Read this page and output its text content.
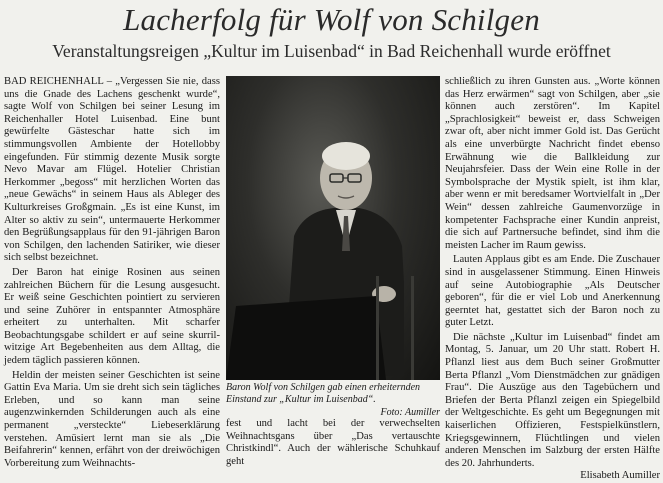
Lacherfolg für Wolf von Schilgen
Veranstaltungsreigen „Kultur im Luisenbad“ in Bad Reichenhall wurde eröffnet

BAD REICHENHALL – „Vergessen Sie nie, dass uns die Gnade des Lachens geschenkt wurde“, sagte Wolf von Schilgen bei seiner Lesung im Reichenhaller Hotel Luisenbad. Eine bunt gewürfelte Gästeschar hatte sich im stimmungsvollen Ambiente der Hotellobby eingefunden. Für stimmig dezente Musik sorgte Nevo Mavar am Flügel. Hotelier Christian Herkommer „begoss“ mit herzlichen Worten das „neue Gewächs“ in seinem Haus als Ableger des Kulturkreises Großgmain. „Es ist eine Kunst, im Alter so aktiv zu sein“, untermauerte Herkommer den Begrüßungsapplaus für den 91-jährigen Baron von Schilgen, den lachenden Satiriker, wie dieser sich selbst bezeichnet.

Der Baron hat einige Rosinen aus seinen zahlreichen Büchern für die Lesung ausgesucht. Er weiß seine Geschichten pointiert zu servieren und seine Zuhörer in entspannter Atmosphäre erheitert zu unterhalten. Mit scharfer Beobachtungsgabe schildert er auf seine skurril-witzige Art Begebenheiten aus dem Alltag, die jedem täglich passieren können.

Heldin der meisten seiner Geschichten ist seine Gattin Eva Maria. Um sie dreht sich sein tägliches Erleben, und so kann man seine augenzwinkernden Schilderungen auch als eine permanent „versteckte“ Liebeserklärung verstehen. Amüsiert lernt man sie als „Die Beifahrerin“ kennen, erfährt von der dreiwöchigen Vorbereitung zum Weihnachts-

Baron Wolf von Schilgen gab einen erheiternden Einstand zur „Kultur im Luisenbad“.
Foto: Aumiller

fest und lacht bei der verwechselten Weihnachtsgans über „Das vertauschte Christkindl“. Auch der wählerische Schuhkauf geht

schließlich zu ihren Gunsten aus. „Worte können das Herz erwärmen“ sagt von Schilgen, aber „sie können auch zerstören“. Im Kapitel „Sprachlosigkeit“ beweist er, dass Schweigen zwar oft, aber nicht immer Gold ist. Das Gerücht als eine unverbürgte Nachricht findet ebenso Erwähnung wie die Ballkleidung zur Neujahrsfeier. Dass der Wein eine Rolle in der Symbolsprache der Mystik spielt, ist ihm klar, aber wenn er mit beredsamer Wortvielfalt in „Der Wein“ dessen zahlreiche Gaumenvorzüge in kompetenter Fachsprache einer Kundin anpreist, die sich auf Partnersuche befindet, sind ihm die meisten Lacher im Raum gewiss.

Lauten Applaus gibt es am Ende. Die Zuschauer sind in ausgelassener Stimmung. Einen Hinweis auf seine Autobiographie „Als Deutscher geboren“, für die er viel Lob und Anerkennung geerntet hat, gestattet sich der Baron noch zu guter Letzt.

Die nächste „Kultur im Luisenbad“ findet am Montag, 5. Januar, um 20 Uhr statt. Robert H. Pflanzl liest aus dem Buch seiner Großmutter Berta Pflanzl „Vom Dienstmädchen zur gnädigen Frau“. Die Auszüge aus den Tagebüchern und Briefen der Berta Pflanzl zeigen ein Spiegelbild der Weltgeschichte. Es geht um Begegnungen mit kaiserlichen Offizieren, Festspielkünstlern, Kriegsgewinnern, Flüchtlingen und vielen anderen Menschen im Salzburg der ersten Hälfte des 20. Jahrhunderts.

Elisabeth Aumiller
